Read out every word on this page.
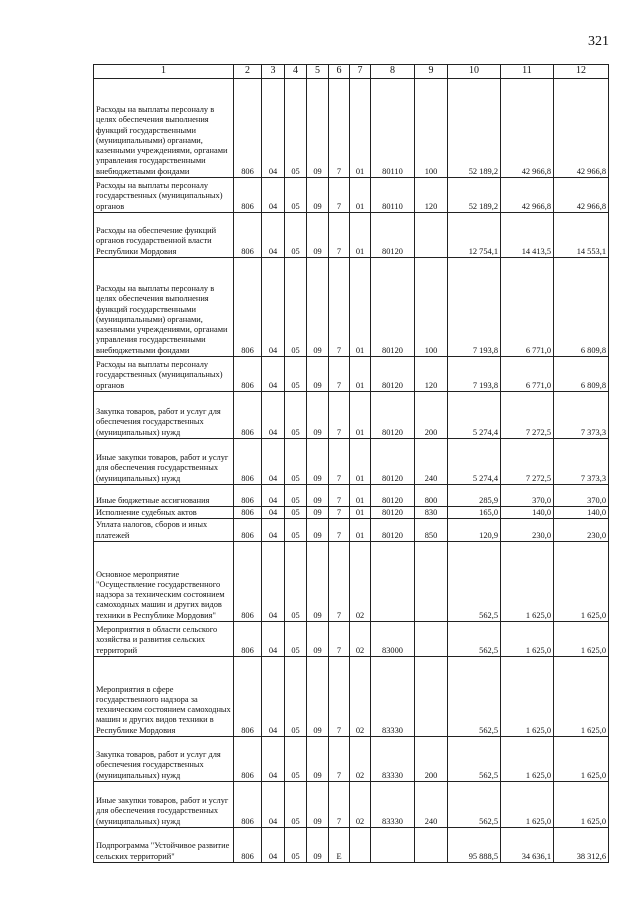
321
1	2	3	4	5	6	7	8	9	10	11	12
Расходы на выплаты персоналу в целях обеспечения выполнения функций государственными (муниципальными) органами, казенными учреждениями, органами управления государственными внебюджетными фондами	806	04	05	09	7	01	80110	100	52 189,2	42 966,8	42 966,8
Расходы на выплаты персоналу государственных (муниципальных) органов	806	04	05	09	7	01	80110	120	52 189,2	42 966,8	42 966,8
Расходы на обеспечение функций органов государственной власти Республики Мордовия	806	04	05	09	7	01	80120		12 754,1	14 413,5	14 553,1
Расходы на выплаты персоналу в целях обеспечения выполнения функций государственными (муниципальными) органами, казенными учреждениями, органами управления государственными внебюджетными фондами	806	04	05	09	7	01	80120	100	7 193,8	6 771,0	6 809,8
Расходы на выплаты персоналу государственных (муниципальных) органов	806	04	05	09	7	01	80120	120	7 193,8	6 771,0	6 809,8
Закупка товаров, работ и услуг для обеспечения государственных (муниципальных) нужд	806	04	05	09	7	01	80120	200	5 274,4	7 272,5	7 373,3
Иные закупки товаров, работ и услуг для обеспечения государственных (муниципальных) нужд	806	04	05	09	7	01	80120	240	5 274,4	7 272,5	7 373,3
Иные бюджетные ассигнования	806	04	05	09	7	01	80120	800	285,9	370,0	370,0
Исполнение судебных актов	806	04	05	09	7	01	80120	830	165,0	140,0	140,0
Уплата налогов, сборов и иных платежей	806	04	05	09	7	01	80120	850	120,9	230,0	230,0
Основное мероприятие "Осуществление государственного надзора за техническим состоянием самоходных машин и других видов техники в Республике Мордовия"	806	04	05	09	7	02			562,5	1 625,0	1 625,0
Мероприятия в области сельского хозяйства и развития сельских территорий	806	04	05	09	7	02	83000		562,5	1 625,0	1 625,0
Мероприятия в сфере государственного надзора за техническим состоянием самоходных машин и других видов техники в Республике Мордовия	806	04	05	09	7	02	83330		562,5	1 625,0	1 625,0
Закупка товаров, работ и услуг для обеспечения государственных (муниципальных) нужд	806	04	05	09	7	02	83330	200	562,5	1 625,0	1 625,0
Иные закупки товаров, работ и услуг для обеспечения государственных (муниципальных) нужд	806	04	05	09	7	02	83330	240	562,5	1 625,0	1 625,0
Подпрограмма "Устойчивое развитие сельских территорий"	806	04	05	09	Е				95 888,5	34 636,1	38 312,6
